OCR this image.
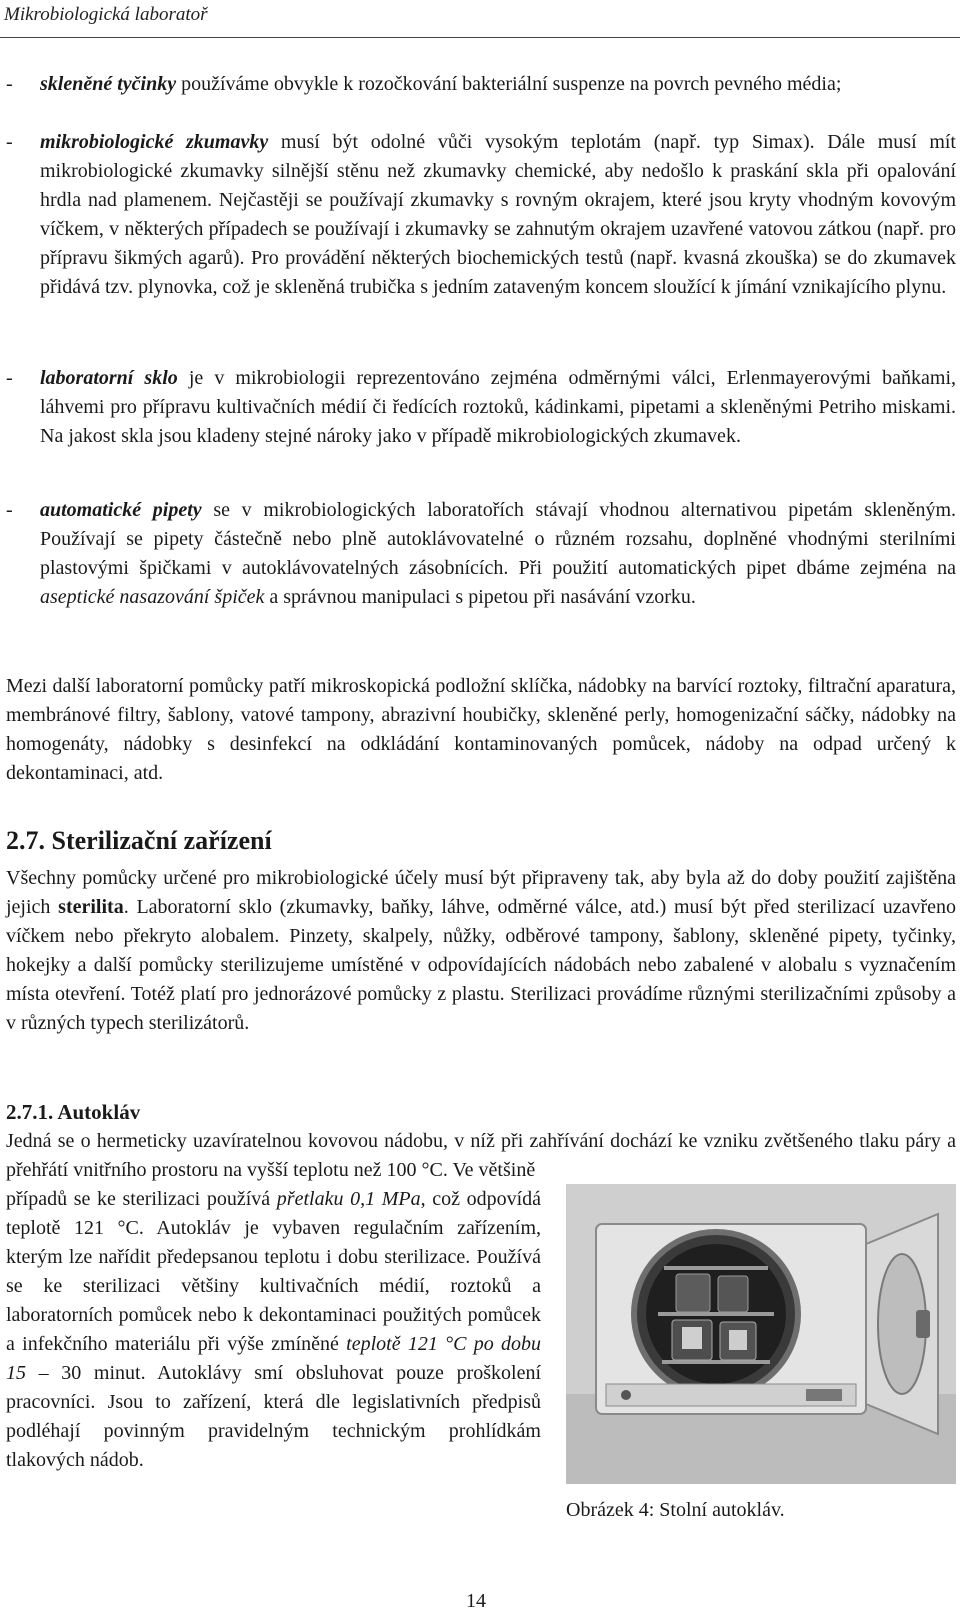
Mikrobiologická laboratoř
- skleněné tyčinky používáme obvykle k rozočkování bakteriální suspenze na povrch pevného média;

- mikrobiologické zkumavky musí být odolné vůči vysokým teplotám (např. typ Simax). Dále musí mít mikrobiologické zkumavky silnější stěnu než zkumavky chemické, aby nedošlo k praskání skla při opalování hrdla nad plamenem. Nejčastěji se používají zkumavky s rovným okrajem, které jsou kryty vhodným kovovým víčkem, v některých případech se používají i zkumavky se zahnutým okrajem uzavřené vatovou zátkou (např. pro přípravu šikmých agarů). Pro provádění některých biochemických testů (např. kvasná zkouška) se do zkumavek přidává tzv. plynovka, což je skleněná trubička s jedním zataveným koncem sloužící k jímání vznikajícího plynu.

- laboratorní sklo je v mikrobiologii reprezentováno zejména odměrnými válci, Erlenmayerovými baňkami, láhvemi pro přípravu kultivačních médií či ředících roztoků, kádinkami, pipetami a skleněnými Petriho miskami. Na jakost skla jsou kladeny stejné nároky jako v případě mikrobiologických zkumavek.

- automatické pipety se v mikrobiologických laboratořích stávají vhodnou alternativou pipetám skleněným. Používají se pipety částečně nebo plně autoklávovatelné o různém rozsahu, doplněné vhodnými sterilními plastovými špičkami v autoklávovatelných zásobnících. Při použití automatických pipet dbáme zejména na aseptické nasazování špiček a správnou manipulaci s pipetou při nasávání vzorku.

Mezi další laboratorní pomůcky patří mikroskopická podložní sklíčka, nádobky na barvící roztoky, filtrační aparatura, membránové filtry, šablony, vatové tampony, abrazivní houbičky, skleněné perly, homogenizační sáčky, nádobky na homogenáty, nádobky s desinfekcí na odkládání kontaminovaných pomůcek, nádoby na odpad určený k dekontaminaci, atd.

2.7. Sterilizační zařízení

Všechny pomůcky určené pro mikrobiologické účely musí být připraveny tak, aby byla až do doby použití zajištěna jejich sterilita. Laboratorní sklo (zkumavky, baňky, láhve, odměrné válce, atd.) musí být před sterilizací uzavřeno víčkem nebo překryto alobalem. Pinzety, skalpely, nůžky, odběrové tampony, šablony, skleněné pipety, tyčinky, hokejky a další pomůcky sterilizujeme umístěné v odpovídajících nádobách nebo zabalené v alobalu s vyznačením místa otevření. Totéž platí pro jednorázové pomůcky z plastu. Sterilizaci provádíme různými sterilizačními způsoby a v různých typech sterilizátorů.

2.7.1. Autokláv

Jedná se o hermeticky uzavíratelnou kovovou nádobu, v níž při zahřívání dochází ke vzniku zvětšeného tlaku páry a přehřátí vnitřního prostoru na vyšší teplotu než 100 °C. Ve většině

případů se ke sterilizaci používá přetlaku 0,1 MPa, což odpovídá teplotě 121 °C. Autokláv je vybaven regulačním zařízením, kterým lze nařídit předepsanou teplotu i dobu sterilizace. Používá se ke sterilizaci většiny kultivačních médií, roztoků a laboratorních pomůcek nebo k dekontaminaci použitých pomůcek a infekčního materiálu při výše zmíněné teplotě 121 °C po dobu 15 – 30 minut. Autoklávy smí obsluhovat pouze proškolení pracovníci. Jsou to zařízení, která dle legislativních předpisů podléhají povinným pravidelným technickým prohlídkám tlakových nádob.

Obrázek 4: Stolní autokláv.
14
